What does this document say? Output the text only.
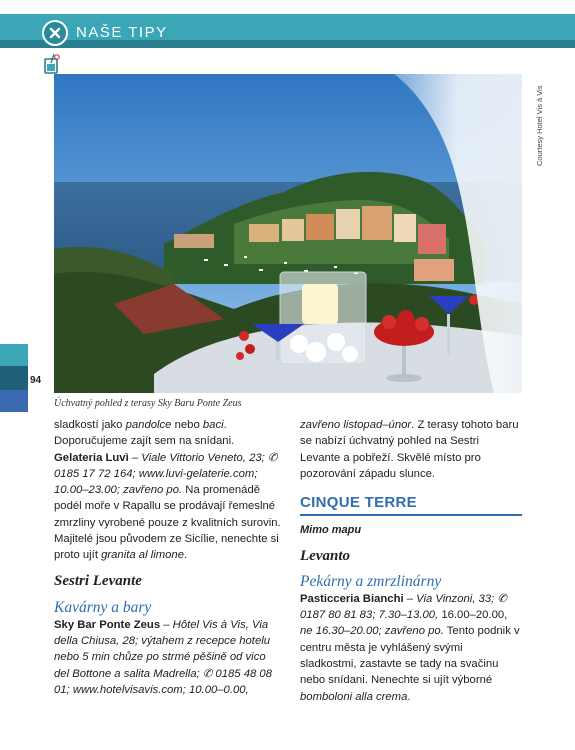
NAŠE TIPY
Courtesy Hotel Vis à Vis
94
Úchvatný pohled z terasy Sky Baru Ponte Zeus

sladkostí jako pandolce nebo baci. Doporučujeme zajít sem na snídani.

Gelateria Luvì – Viale Vittorio Veneto, 23; ✆ 0185 17 72 164; www.luvi-gelaterie.com; 10.00–23.00; zavřeno po. Na promenádě podél moře v Rapallu se prodávají řemeslné zmrzliny vyrobené pouze z kvalitních surovin. Majitelé jsou původem ze Sicílie, nenechte si proto ujít granita al limone.

Sestri Levante

Kavárny a bary

Sky Bar Ponte Zeus – Hôtel Vis à Vis, Via della Chiusa, 28; výtahem z recepce hotelu nebo 5 min chůze po strmé pěšině od vico del Bottone a salita Madrella; ✆ 0185 48 08 01; www.hotelvisavis.com; 10.00–0.00,

zavřeno listopad–únor. Z terasy tohoto baru se nabízí úchvatný pohled na Sestri Levante a pobřeží. Skvělé místo pro pozorování západu slunce.

CINQUE TERRE

Mimo mapu

Levanto

Pekárny a zmrzlinárny

Pasticceria Bianchi – Via Vinzoni, 33; ✆ 0187 80 81 83; 7.30–13.00, 16.00–20.00, ne 16.30–20.00; zavřeno po. Tento podnik v centru města je vyhlášený svými sladkostmi, zastavte se tady na svačinu nebo snídani. Nenechte si ujít výborné bomboloni alla crema.
